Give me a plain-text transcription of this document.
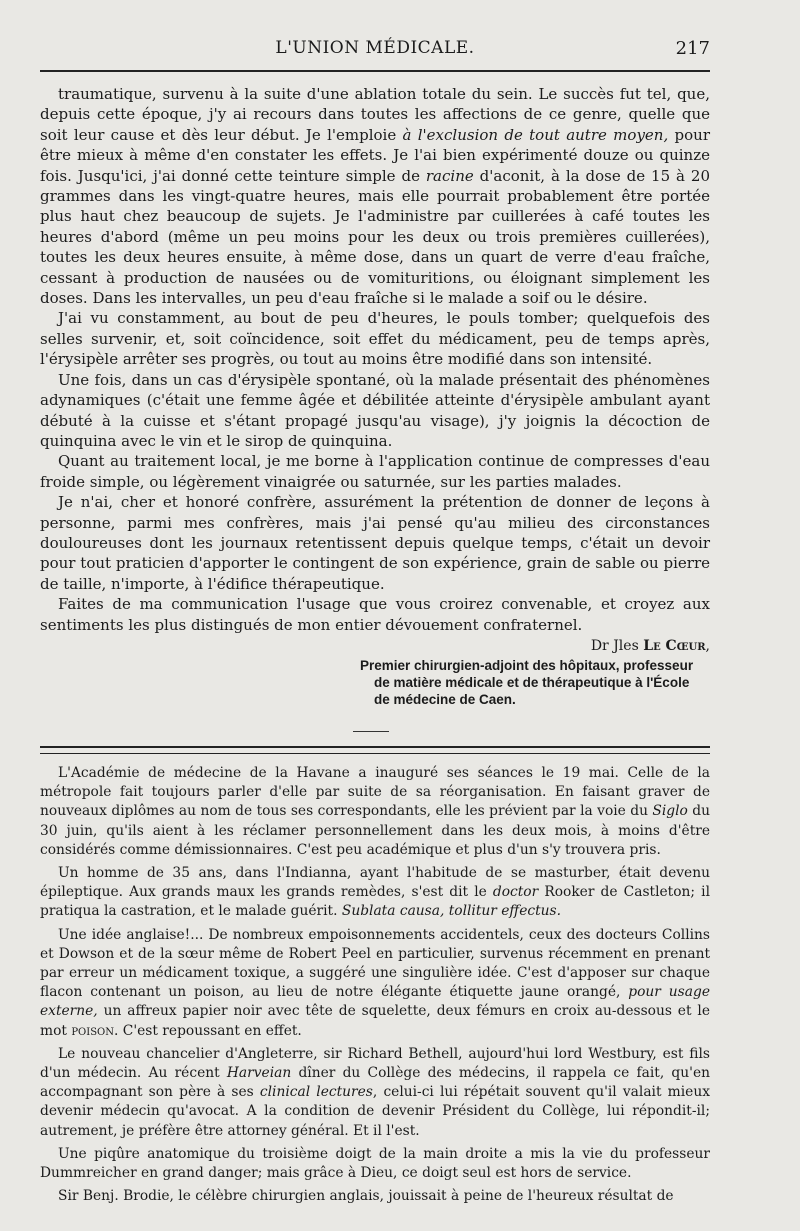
L'UNION MÉDICALE.	217

traumatique, survenu à la suite d'une ablation totale du sein. Le succès fut tel, que, depuis cette époque, j'y ai recours dans toutes les affections de ce genre, quelle que soit leur cause et dès leur début. Je l'emploie à l'exclusion de tout autre moyen, pour être mieux à même d'en constater les effets. Je l'ai bien expérimenté douze ou quinze fois. Jusqu'ici, j'ai donné cette teinture simple de racine d'aconit, à la dose de 15 à 20 grammes dans les vingt-quatre heures, mais elle pourrait probablement être portée plus haut chez beaucoup de sujets. Je l'administre par cuillerées à café toutes les heures d'abord (même un peu moins pour les deux ou trois premières cuillerées), toutes les deux heures ensuite, à même dose, dans un quart de verre d'eau fraîche, cessant à production de nausées ou de vomituritions, ou éloignant simplement les doses. Dans les intervalles, un peu d'eau fraîche si le malade a soif ou le désire.

J'ai vu constamment, au bout de peu d'heures, le pouls tomber; quelquefois des selles survenir, et, soit coïncidence, soit effet du médicament, peu de temps après, l'érysipèle arrêter ses progrès, ou tout au moins être modifié dans son intensité.

Une fois, dans un cas d'érysipèle spontané, où la malade présentait des phénomènes adynamiques (c'était une femme âgée et débilitée atteinte d'érysipèle ambulant ayant débuté à la cuisse et s'étant propagé jusqu'au visage), j'y joignis la décoction de quinquina avec le vin et le sirop de quinquina.

Quant au traitement local, je me borne à l'application continue de compresses d'eau froide simple, ou légèrement vinaigrée ou saturnée, sur les parties malades.

Je n'ai, cher et honoré confrère, assurément la prétention de donner de leçons à personne, parmi mes confrères, mais j'ai pensé qu'au milieu des circonstances douloureuses dont les journaux retentissent depuis quelque temps, c'était un devoir pour tout praticien d'apporter le contingent de son expérience, grain de sable ou pierre de taille, n'importe, à l'édifice thérapeutique.

Faites de ma communication l'usage que vous croirez convenable, et croyez aux sentiments les plus distingués de mon entier dévouement confraternel.

Dr Jles Le Cœur,
Premier chirurgien-adjoint des hôpitaux, professeur
de matière médicale et de thérapeutique à l'École
de médecine de Caen.

L'Académie de médecine de la Havane a inauguré ses séances le 19 mai. Celle de la métropole fait toujours parler d'elle par suite de sa réorganisation. En faisant graver de nouveaux diplômes au nom de tous ses correspondants, elle les prévient par la voie du Siglo du 30 juin, qu'ils aient à les réclamer personnellement dans les deux mois, à moins d'être considérés comme démissionnaires. C'est peu académique et plus d'un s'y trouvera pris.

Un homme de 35 ans, dans l'Indianna, ayant l'habitude de se masturber, était devenu épileptique. Aux grands maux les grands remèdes, s'est dit le doctor Rooker de Castleton; il pratiqua la castration, et le malade guérit. Sublata causa, tollitur effectus.

Une idée anglaise!... De nombreux empoisonnements accidentels, ceux des docteurs Collins et Dowson et de la sœur même de Robert Peel en particulier, survenus récemment en prenant par erreur un médicament toxique, a suggéré une singulière idée. C'est d'apposer sur chaque flacon contenant un poison, au lieu de notre élégante étiquette jaune orangé, pour usage externe, un affreux papier noir avec tête de squelette, deux fémurs en croix au-dessous et le mot poison. C'est repoussant en effet.

Le nouveau chancelier d'Angleterre, sir Richard Bethell, aujourd'hui lord Westbury, est fils d'un médecin. Au récent Harveian dîner du Collège des médecins, il rappela ce fait, qu'en accompagnant son père à ses clinical lectures, celui-ci lui répétait souvent qu'il valait mieux devenir médecin qu'avocat. A la condition de devenir Président du Collège, lui répondit-il; autrement, je préfère être attorney général. Et il l'est.

Une piqûre anatomique du troisième doigt de la main droite a mis la vie du professeur Dummreicher en grand danger; mais grâce à Dieu, ce doigt seul est hors de service.

Sir Benj. Brodie, le célèbre chirurgien anglais, jouissait à peine de l'heureux résultat de
